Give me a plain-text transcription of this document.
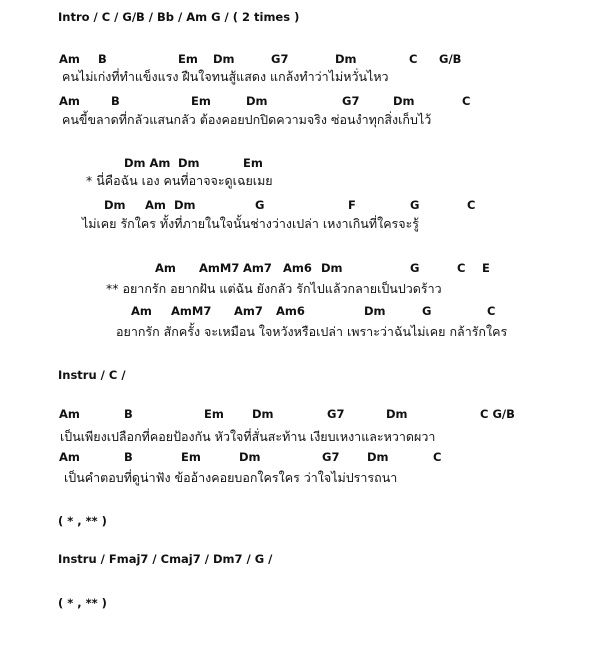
Intro / C / G/B / Bb / Am G / ( 2 times )
Am B	Em Dm	G7	Dm	C G/B
คนไม่เก่งที่ทำแข็งแรง ฝืนใจทนสู้แสดง แกล้งทำว่าไม่หวั่นไหว
Am	B	Em	Dm	G7	Dm	C
คนขี้ขลาดที่กลัวแสนกลัว ต้องคอยปกปิดความจริง ซ่อนงำทุกสิ่งเก็บไว้
Dm Am Dm	Em
* นี่คือฉัน เอง คนที่อาจจะดูเฉยเมย
Dm Am Dm	G	F	G	C
ไม่เคย รักใคร ทั้งที่ภายในใจนั้นช่างว่างเปล่า เหงาเกินที่ใครจะรู้
Am AmM7 Am7 Am6 Dm	G	C E
** อยากรัก อยากฝัน แต่ฉัน ยังกลัว รักไปแล้วกลายเป็นปวดร้าว
Am AmM7 Am7 Am6	Dm	G	C
อยากรัก สักครั้ง จะเหมือน ใจหวังหรือเปล่า เพราะว่าฉันไม่เคย กล้ารักใคร
Instru / C /
Am	B	Em Dm	G7	Dm	C G/B
เป็นเพียงเปลือกที่คอยป้องกัน หัวใจที่สั่นสะท้าน เงียบเหงาและหวาดผวา
Am	B	Em	Dm	G7 Dm	C
เป็นคำตอบที่ดูน่าฟัง ข้ออ้างคอยบอกใครใคร ว่าใจไม่ปรารถนา
( * , ** )
Instru / Fmaj7 / Cmaj7 / Dm7 / G /
( * , ** )
